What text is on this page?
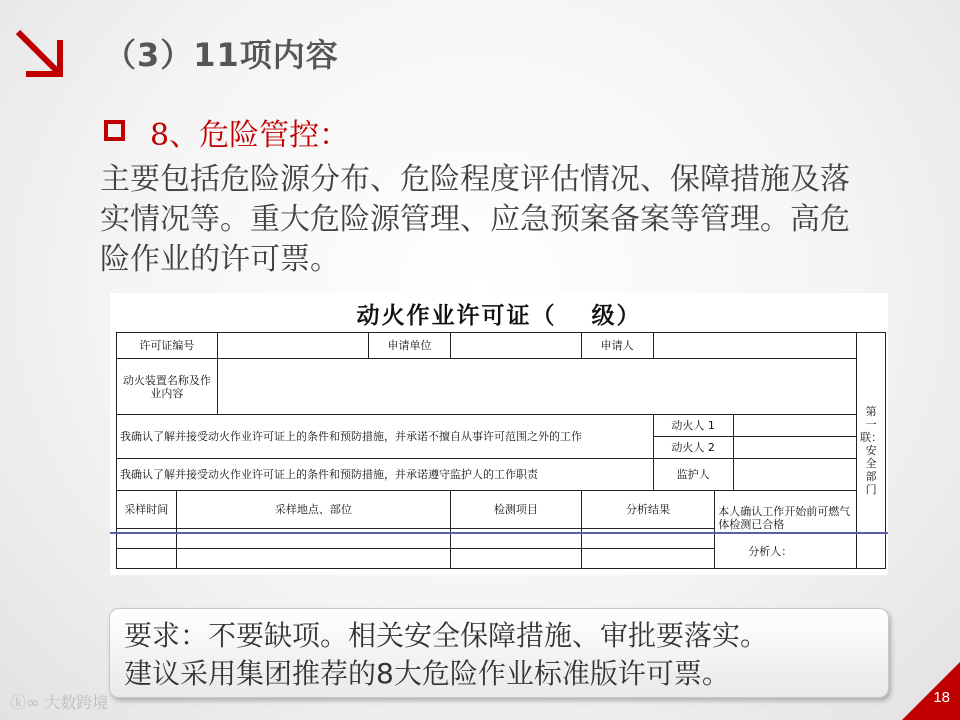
（3）11项内容
8、危险管控：
主要包括危险源分布、危险程度评估情况、保障措施及落
实情况等。重大危险源管理、应急预案备案等管理。高危
险作业的许可票。
动火作业许可证（　 级）
许可证编号			申请单位		申请人				第一联：安全部门
动火装置名称及作业内容									
我确认了解并接受动火作业许可证上的条件和预防措施，并承诺不擅自从事许可范围之外的工作						动火人 1			
						动火人 2			
我确认了解并接受动火作业许可证上的条件和预防措施，并承诺遵守监护人的工作职责						监护人			
采样时间	采样地点、部位			检测项目	分析结果		本人确认工作开始前可燃气体检测已合格
分析人：		

要求：不要缺项。相关安全保障措施、审批要落实。
建议采用集团推荐的8大危险作业标准版许可票。
ⓚ∞ 大数跨境	18
